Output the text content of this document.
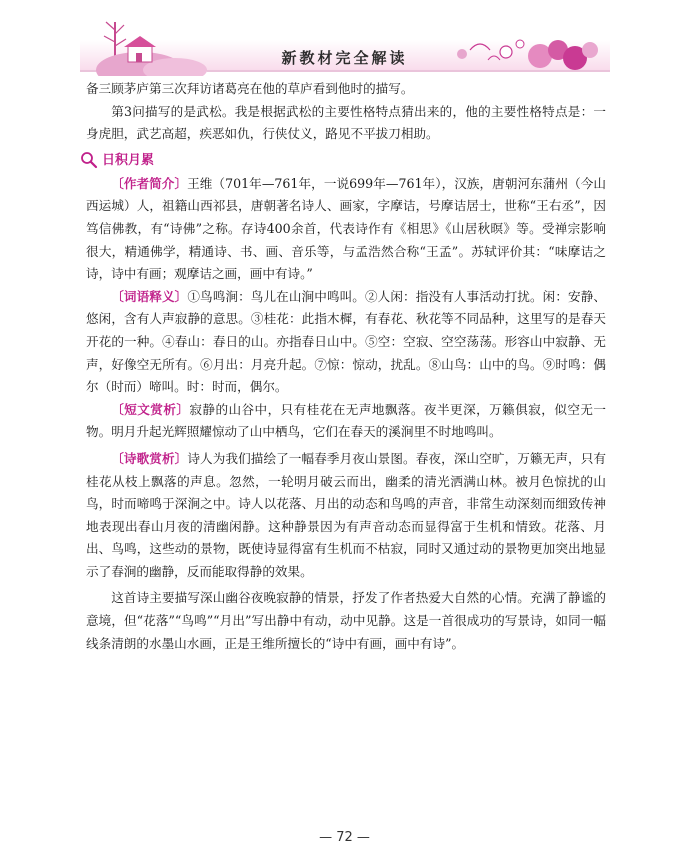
新教材完全解读

备三顾茅庐第三次拜访诸葛亮在他的草庐看到他时的描写。

第3问描写的是武松。我是根据武松的主要性格特点猜出来的，他的主要性格特点是：一身虎胆，武艺高超，疾恶如仇，行侠仗义，路见不平拔刀相助。

日积月累

〔作者简介〕王维（701年—761年，一说699年—761年），汉族，唐朝河东蒲州（今山西运城）人，祖籍山西祁县，唐朝著名诗人、画家，字摩诘，号摩诘居士，世称“王右丞”，因笃信佛教，有“诗佛”之称。存诗400余首，代表诗作有《相思》《山居秋暝》等。受禅宗影响很大，精通佛学，精通诗、书、画、音乐等，与孟浩然合称“王孟”。苏轼评价其：“味摩诘之诗，诗中有画；观摩诘之画，画中有诗。”

〔词语释义〕①鸟鸣涧：鸟儿在山涧中鸣叫。②人闲：指没有人事活动打扰。闲：安静、悠闲，含有人声寂静的意思。③桂花：此指木樨，有春花、秋花等不同品种，这里写的是春天开花的一种。④春山：春日的山。亦指春日山中。⑤空：空寂、空空荡荡。形容山中寂静、无声，好像空无所有。⑥月出：月亮升起。⑦惊：惊动，扰乱。⑧山鸟：山中的鸟。⑨时鸣：偶尔（时而）啼叫。时：时而，偶尔。

〔短文赏析〕寂静的山谷中，只有桂花在无声地飘落。夜半更深，万籁俱寂，似空无一物。明月升起光辉照耀惊动了山中栖鸟，它们在春天的溪涧里不时地鸣叫。

〔诗歌赏析〕诗人为我们描绘了一幅春季月夜山景图。春夜，深山空旷，万籁无声，只有桂花从枝上飘落的声息。忽然，一轮明月破云而出，幽柔的清光洒满山林。被月色惊扰的山鸟，时而啼鸣于深涧之中。诗人以花落、月出的动态和鸟鸣的声音，非常生动深刻而细致传神地表现出春山月夜的清幽闲静。这种静景因为有声音动态而显得富于生机和情致。花落、月出、鸟鸣，这些动的景物，既使诗显得富有生机而不枯寂，同时又通过动的景物更加突出地显示了春涧的幽静，反而能取得静的效果。

这首诗主要描写深山幽谷夜晚寂静的情景，抒发了作者热爱大自然的心情。充满了静谧的意境，但“花落”“鸟鸣”“月出”写出静中有动，动中见静。这是一首很成功的写景诗，如同一幅线条清朗的水墨山水画，正是王维所擅长的“诗中有画，画中有诗”。

— 72 —
